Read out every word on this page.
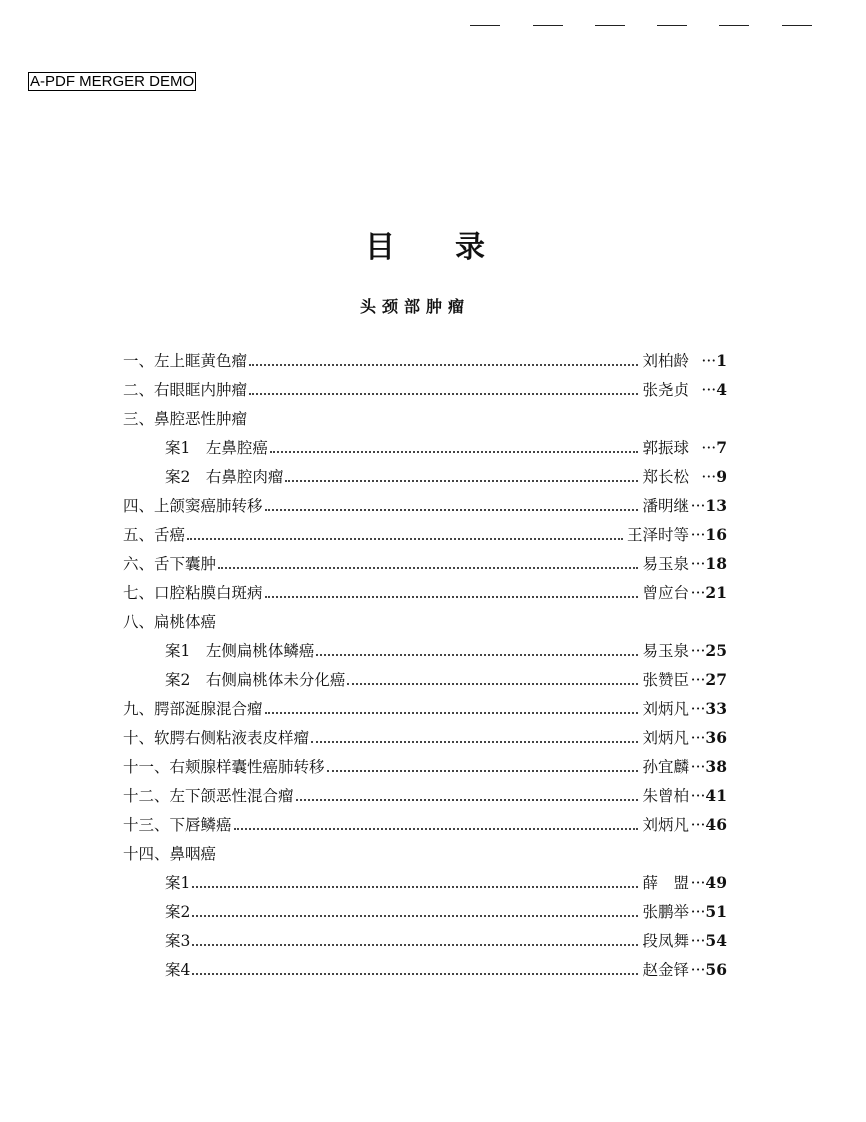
A-PDF MERGER DEMO
目录
头颈部肿瘤
一、左上眶黄色瘤	刘柏龄	··· 1
二、右眼眶内肿瘤	张尧贞	··· 4
三、鼻腔恶性肿瘤
案1　左鼻腔癌	郭振球	··· 7
案2　右鼻腔肉瘤	郑长松	··· 9
四、上颌窦癌肺转移	潘明继	··· 13
五、舌癌	王泽时等	··· 16
六、舌下囊肿	易玉泉	··· 18
七、口腔粘膜白斑病	曾应台	··· 21
八、扁桃体癌
案1　左侧扁桃体鳞癌	易玉泉	··· 25
案2　右侧扁桃体未分化癌	张赞臣	··· 27
九、腭部涎腺混合瘤	刘炳凡	··· 33
十、软腭右侧粘液表皮样瘤	刘炳凡	··· 36
十一、右颊腺样囊性癌肺转移	孙宜麟	··· 38
十二、左下颌恶性混合瘤	朱曾柏	··· 41
十三、下唇鳞癌	刘炳凡	··· 46
十四、鼻咽癌
案1	薛　盟	··· 49
案2	张鹏举	··· 51
案3	段凤舞	··· 54
案4	赵金铎	··· 56
